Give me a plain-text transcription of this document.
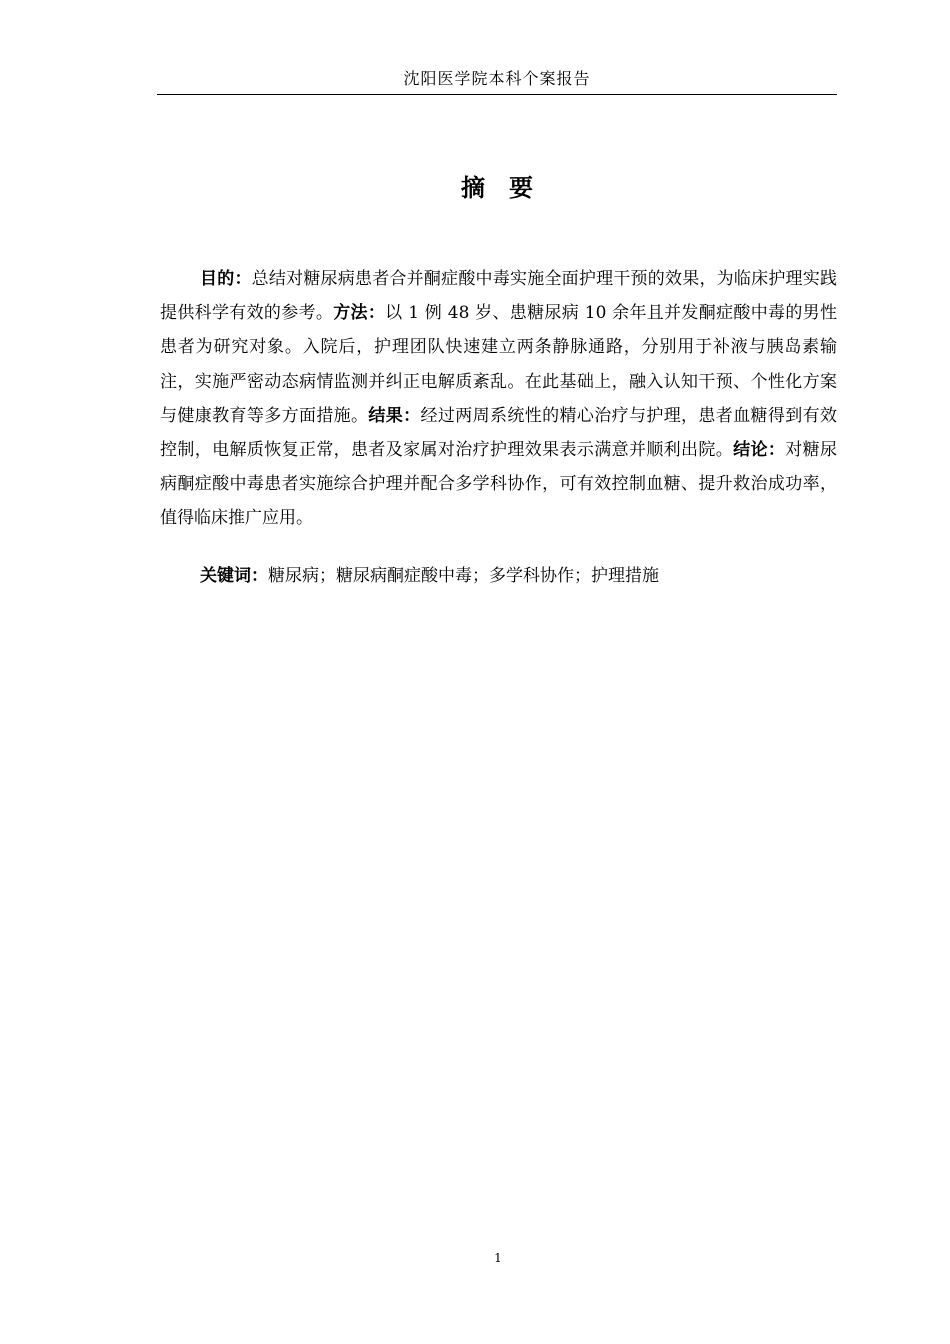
沈阳医学院本科个案报告
摘 要

目的：总结对糖尿病患者合并酮症酸中毒实施全面护理干预的效果，为临床护理实践提供科学有效的参考。方法：以 1 例 48 岁、患糖尿病 10 余年且并发酮症酸中毒的男性患者为研究对象。入院后，护理团队快速建立两条静脉通路，分别用于补液与胰岛素输注，实施严密动态病情监测并纠正电解质紊乱。在此基础上，融入认知干预、个性化方案与健康教育等多方面措施。结果：经过两周系统性的精心治疗与护理，患者血糖得到有效控制，电解质恢复正常，患者及家属对治疗护理效果表示满意并顺利出院。结论：对糖尿病酮症酸中毒患者实施综合护理并配合多学科协作，可有效控制血糖、提升救治成功率，值得临床推广应用。

关键词：糖尿病；糖尿病酮症酸中毒；多学科协作；护理措施

1
